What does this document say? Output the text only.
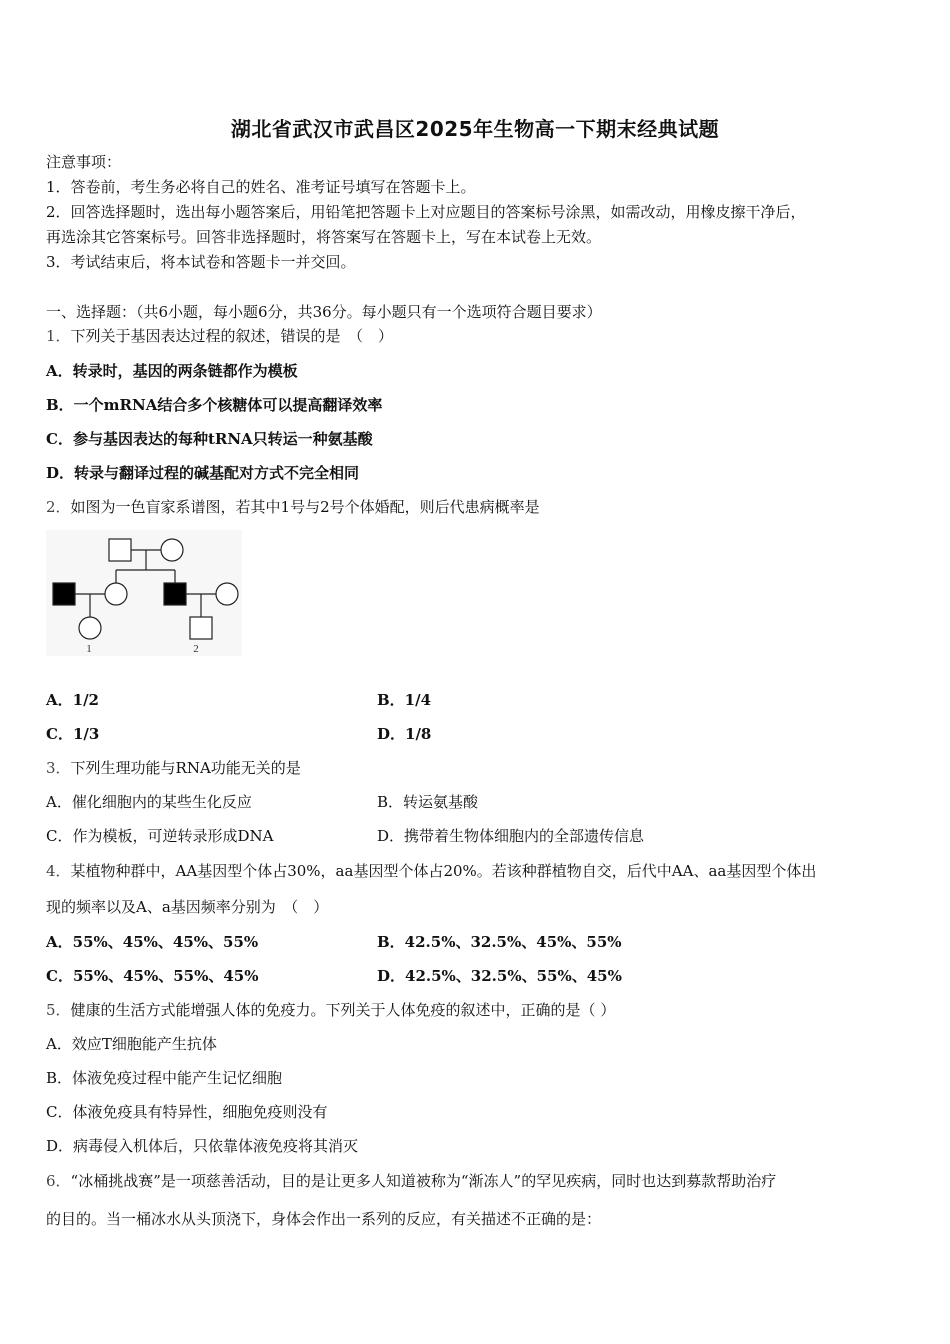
湖北省武汉市武昌区2025年生物高一下期末经典试题
注意事项：
1．答卷前，考生务必将自己的姓名、准考证号填写在答题卡上。
2．回答选择题时，选出每小题答案后，用铅笔把答题卡上对应题目的答案标号涂黑，如需改动，用橡皮擦干净后，
再选涂其它答案标号。回答非选择题时，将答案写在答题卡上，写在本试卷上无效。
3．考试结束后，将本试卷和答题卡一并交回。
一、选择题：（共6小题，每小题6分，共36分。每小题只有一个选项符合题目要求）
1．下列关于基因表达过程的叙述，错误的是　（　）
A．转录时，基因的两条链都作为模板
B．一个mRNA结合多个核糖体可以提高翻译效率
C．参与基因表达的每种tRNA只转运一种氨基酸
D．转录与翻译过程的碱基配对方式不完全相同
2．如图为一色盲家系谱图，若其中1号与2号个体婚配，则后代患病概率是
1	2
A．1/2	B．1/4
C．1/3	D．1/8
3．下列生理功能与RNA功能无关的是
A．催化细胞内的某些生化反应	B．转运氨基酸
C．作为模板，可逆转录形成DNA	D．携带着生物体细胞内的全部遗传信息
4．某植物种群中，AA基因型个体占30%，aa基因型个体占20%。若该种群植物自交，后代中AA、aa基因型个体出
现的频率以及A、a基因频率分别为　（　）
A．55%、45%、45%、55%	B．42.5%、32.5%、45%、55%
C．55%、45%、55%、45%	D．42.5%、32.5%、55%、45%
5．健康的生活方式能增强人体的免疫力。下列关于人体免疫的叙述中，正确的是（ ）
A．效应T细胞能产生抗体
B．体液免疫过程中能产生记忆细胞
C．体液免疫具有特异性，细胞免疫则没有
D．病毒侵入机体后，只依靠体液免疫将其消灭
6．“冰桶挑战赛”是一项慈善活动，目的是让更多人知道被称为“渐冻人”的罕见疾病，同时也达到募款帮助治疗
的目的。当一桶冰水从头顶浇下，身体会作出一系列的反应，有关描述不正确的是：
